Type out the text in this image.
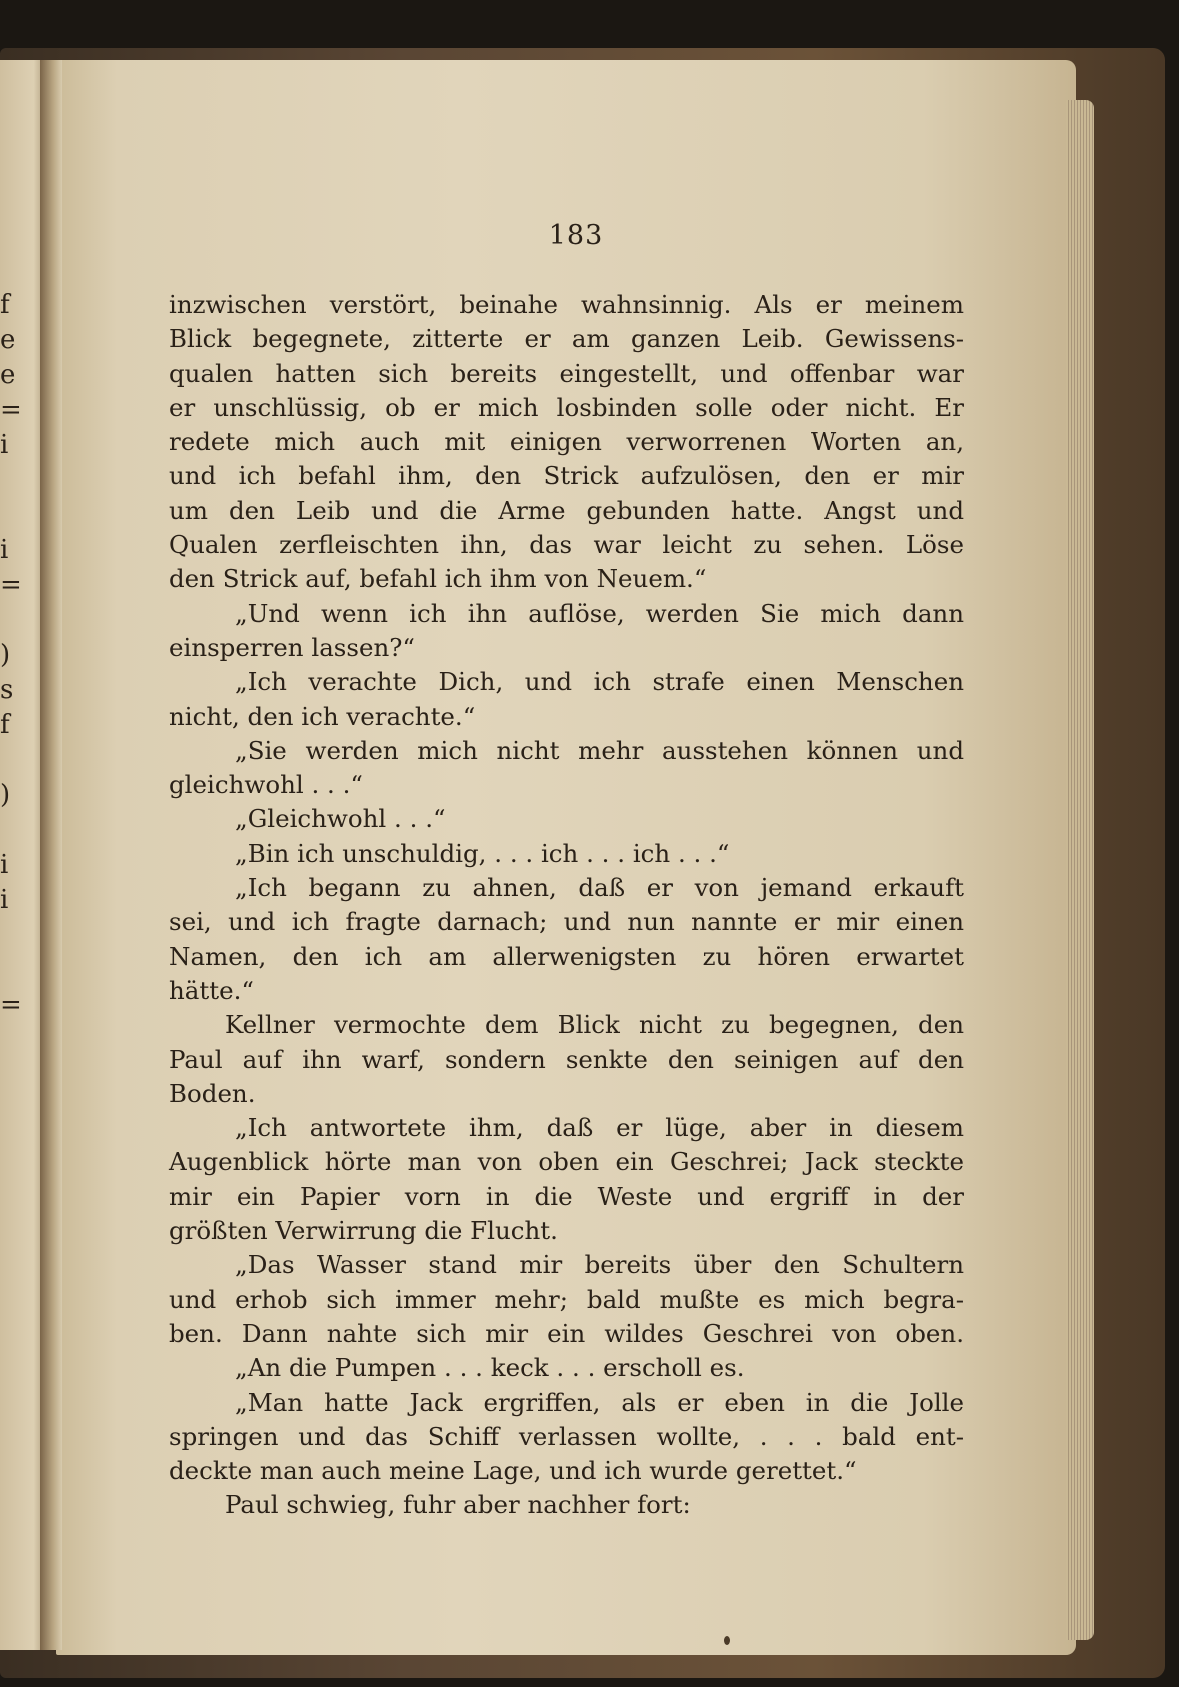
f
e
e
=
i
i
=
)
s
f
)
i
i
=
183
inzwischen verstört, beinahe wahnsinnig. Als er meinem
Blick begegnete, zitterte er am ganzen Leib. Gewissens-
qualen hatten sich bereits eingestellt, und offenbar war
er unschlüssig, ob er mich losbinden solle oder nicht. Er
redete mich auch mit einigen verworrenen Worten an,
und ich befahl ihm, den Strick aufzulösen, den er mir
um den Leib und die Arme gebunden hatte. Angst und
Qualen zerfleischten ihn, das war leicht zu sehen. Löse
den Strick auf, befahl ich ihm von Neuem.“
„Und wenn ich ihn auflöse, werden Sie mich dann
einsperren lassen?“
„Ich verachte Dich, und ich strafe einen Menschen
nicht, den ich verachte.“
„Sie werden mich nicht mehr ausstehen können und
gleichwohl . . .“
„Gleichwohl . . .“
„Bin ich unschuldig, . . . ich . . . ich . . .“
„Ich begann zu ahnen, daß er von jemand erkauft
sei, und ich fragte darnach; und nun nannte er mir einen
Namen, den ich am allerwenigsten zu hören erwartet
hätte.“
Kellner vermochte dem Blick nicht zu begegnen, den
Paul auf ihn warf, sondern senkte den seinigen auf den
Boden.
„Ich antwortete ihm, daß er lüge, aber in diesem
Augenblick hörte man von oben ein Geschrei; Jack steckte
mir ein Papier vorn in die Weste und ergriff in der
größten Verwirrung die Flucht.
„Das Wasser stand mir bereits über den Schultern
und erhob sich immer mehr; bald mußte es mich begra-
ben. Dann nahte sich mir ein wildes Geschrei von oben.
„An die Pumpen . . . keck . . . erscholl es.
„Man hatte Jack ergriffen, als er eben in die Jolle
springen und das Schiff verlassen wollte, . . . bald ent-
deckte man auch meine Lage, und ich wurde gerettet.“
Paul schwieg, fuhr aber nachher fort:
